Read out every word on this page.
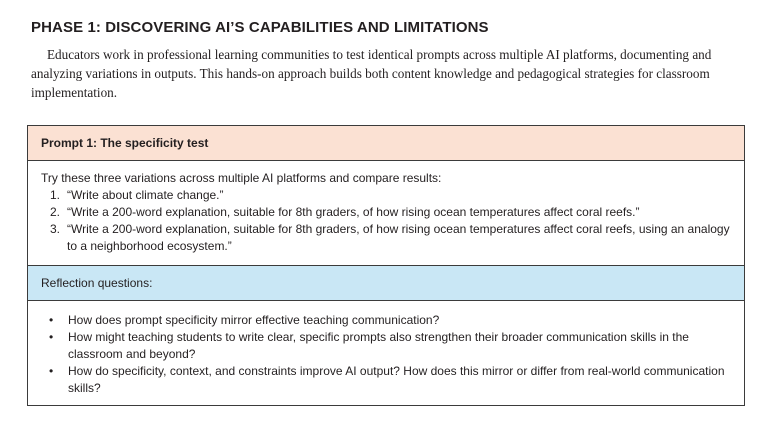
PHASE 1: DISCOVERING AI’S CAPABILITIES AND LIMITATIONS

Educators work in professional learning communities to test identical prompts across multiple AI platforms, documenting and analyzing variations in outputs. This hands-on approach builds both content knowledge and pedagogical strategies for classroom implementation.

Prompt 1: The specificity test
Try these three variations across multiple AI platforms and compare results:
1. “Write about climate change.”
2. “Write a 200-word explanation, suitable for 8th graders, of how rising ocean temperatures affect coral reefs.”
3. “Write a 200-word explanation, suitable for 8th graders, of how rising ocean temperatures affect coral reefs, using an analogy to a neighborhood ecosystem.”
Reflection questions:
• How does prompt specificity mirror effective teaching communication?
• How might teaching students to write clear, specific prompts also strengthen their broader communication skills in the classroom and beyond?
• How do specificity, context, and constraints improve AI output? How does this mirror or differ from real-world communication skills?
